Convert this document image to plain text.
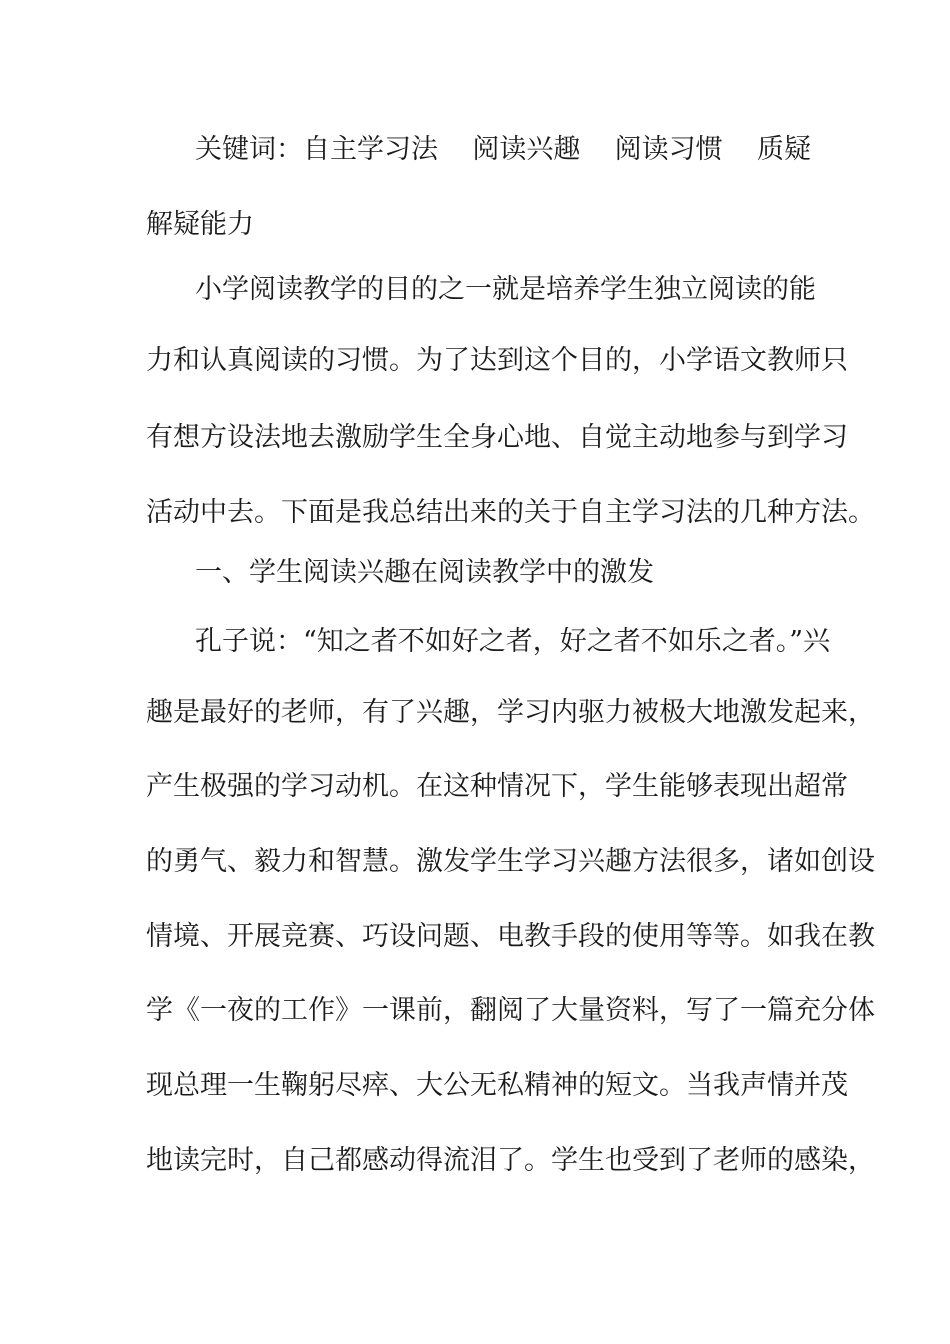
关键词：自主学习法    阅读兴趣    阅读习惯    质疑
解疑能力
小学阅读教学的目的之一就是培养学生独立阅读的能
力和认真阅读的习惯。为了达到这个目的，小学语文教师只
有想方设法地去激励学生全身心地、自觉主动地参与到学习
活动中去。下面是我总结出来的关于自主学习法的几种方法。
一、学生阅读兴趣在阅读教学中的激发
孔子说：“知之者不如好之者，好之者不如乐之者。”兴
趣是最好的老师，有了兴趣，学习内驱力被极大地激发起来，
产生极强的学习动机。在这种情况下，学生能够表现出超常
的勇气、毅力和智慧。激发学生学习兴趣方法很多，诸如创设
情境、开展竞赛、巧设问题、电教手段的使用等等。如我在教
学《一夜的工作》一课前，翻阅了大量资料，写了一篇充分体
现总理一生鞠躬尽瘁、大公无私精神的短文。当我声情并茂
地读完时，自己都感动得流泪了。学生也受到了老师的感染，
